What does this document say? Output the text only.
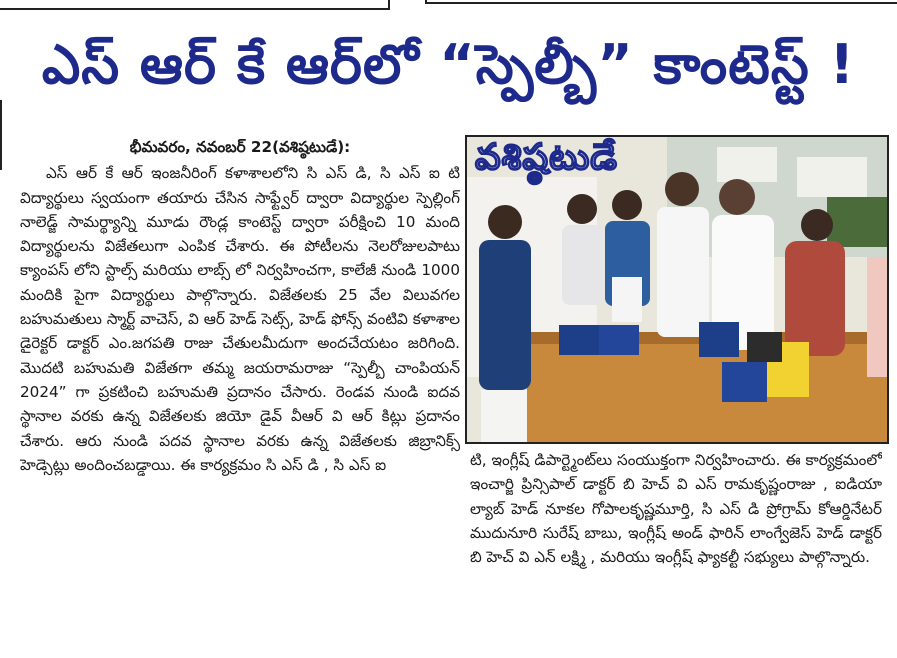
ఎస్ ఆర్ కే ఆర్‌లో “స్పెల్బీ” కాంటెస్ట్ !
భీమవరం, నవంబర్ 22(వశిష్ఠటుడే):

ఎస్ ఆర్ కే ఆర్ ఇంజనీరింగ్ కళాశాలలోని సి ఎస్ డి, సి ఎస్ ఐ టి విద్యార్థులు స్వయంగా తయారు చేసిన సాఫ్ట్వేర్ ద్వారా విద్యార్థుల స్పెల్లింగ్ నాలెడ్జ్ సామర్థ్యాన్ని మూడు రౌండ్ల కాంటెస్ట్ ద్వారా పరీక్షించి 10 మంది విద్యార్థులను విజేతలుగా ఎంపిక చేశారు. ఈ పోటీలను నెలరోజులపాటు క్యాంపస్ లోని స్టాల్స్ మరియు లాబ్స్ లో నిర్వహించగా, కాలేజీ నుండి 1000 మందికి పైగా విద్యార్థులు పాల్గొన్నారు. విజేతలకు 25 వేల విలువగల బహుమతులు స్మార్ట్ వాచెస్, వి ఆర్ హెడ్ సెట్స్, హెడ్ ఫోన్స్ వంటివి కళాశాల డైరెక్టర్ డాక్టర్ ఎం.జగపతి రాజు చేతులమీదుగా అందచేయటం జరిగింది. మొదటి బహుమతి విజేతగా తమ్మ జయరామరాజు “స్పెల్బీ చాంపియన్ 2024” గా ప్రకటించి బహుమతి ప్రదానం చేసారు. రెండవ నుండి ఐదవ స్థానాల వరకు ఉన్న విజేతలకు జియో డైవ్ వీఆర్ వి ఆర్ కిట్లు ప్రదానం చేశారు. ఆరు నుండి పదవ స్థానాల వరకు ఉన్న విజేతలకు జిబ్రానిక్స్ హెడ్సెట్లు అందించబడ్డాయి. ఈ కార్యక్రమం సి ఎస్ డి , సి ఎస్ ఐ

వశిష్ఠటుడే

టి, ఇంగ్లీష్ డిపార్ట్మెంట్‌లు సంయుక్తంగా నిర్వహించారు. ఈ కార్యక్రమంలో ఇంచార్జి ప్రిన్సిపాల్ డాక్టర్ బి హెచ్ వి ఎస్ రామకృష్ణంరాజు , ఐడియా ల్యాబ్ హెడ్ నూకల గోపాలకృష్ణమూర్తి, సి ఎస్ డి ప్రోగ్రామ్ కోఆర్డినేటర్ ముదునూరి సురేష్ బాబు, ఇంగ్లీష్ అండ్ ఫారిన్ లాంగ్వేజెస్ హెడ్ డాక్టర్ బి హెచ్ వి ఎన్ లక్ష్మి , మరియు ఇంగ్లీష్ ఫ్యాకల్టీ సభ్యులు పాల్గొన్నారు.
